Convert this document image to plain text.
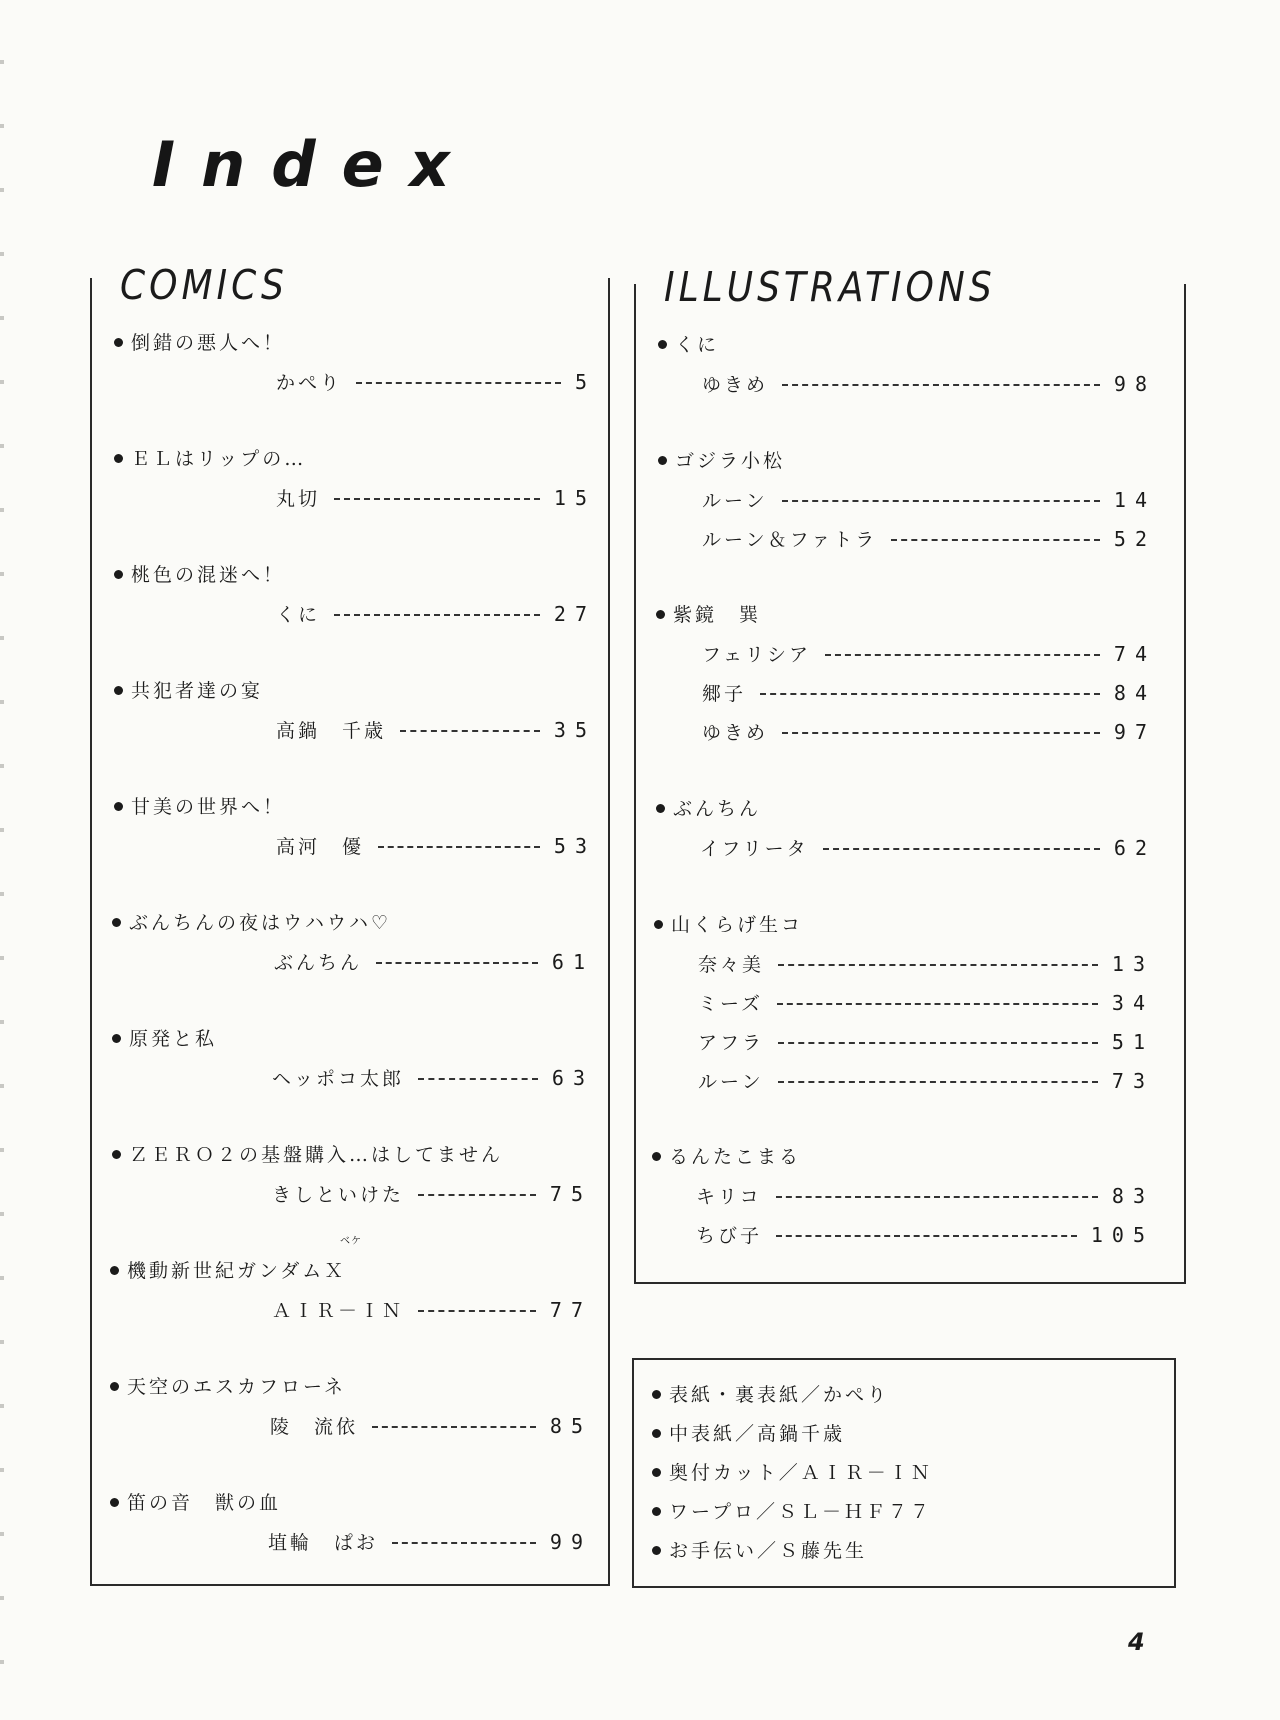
Index
COMICS	ILLUSTRATIONS
倒錯の悪人へ！
かぺり	5
ＥＬはリップの…
丸切	15
桃色の混迷へ！
くに	27
共犯者達の宴
高鍋　千歳	35
甘美の世界へ！
高河　優	53
ぶんちんの夜はウハウハ♡
ぶんちん	61
原発と私
ヘッポコ太郎	63
ＺＥＲＯ２の基盤購入…はしてません
きしといけた	75
ベケ
機動新世紀ガンダムＸ
ＡＩＲ－ＩＮ	77
天空のエスカフローネ
陵　流依	85
笛の音　獣の血
埴輪　ぱお	99
くに
ゆきめ	98
ゴジラ小松
ルーン	14
ルーン＆ファトラ	52
紫鏡　巽
フェリシア	74
郷子	84
ゆきめ	97
ぶんちん
イフリータ	62
山くらげ生コ
奈々美	13
ミーズ	34
アフラ	51
ルーン	73
るんたこまる
キリコ	83
ちび子	105
表紙・裏表紙／かぺり
中表紙／高鍋千歳
奥付カット／ＡＩＲ－ＩＮ
ワープロ／ＳＬ－ＨＦ７７
お手伝い／Ｓ藤先生
4
